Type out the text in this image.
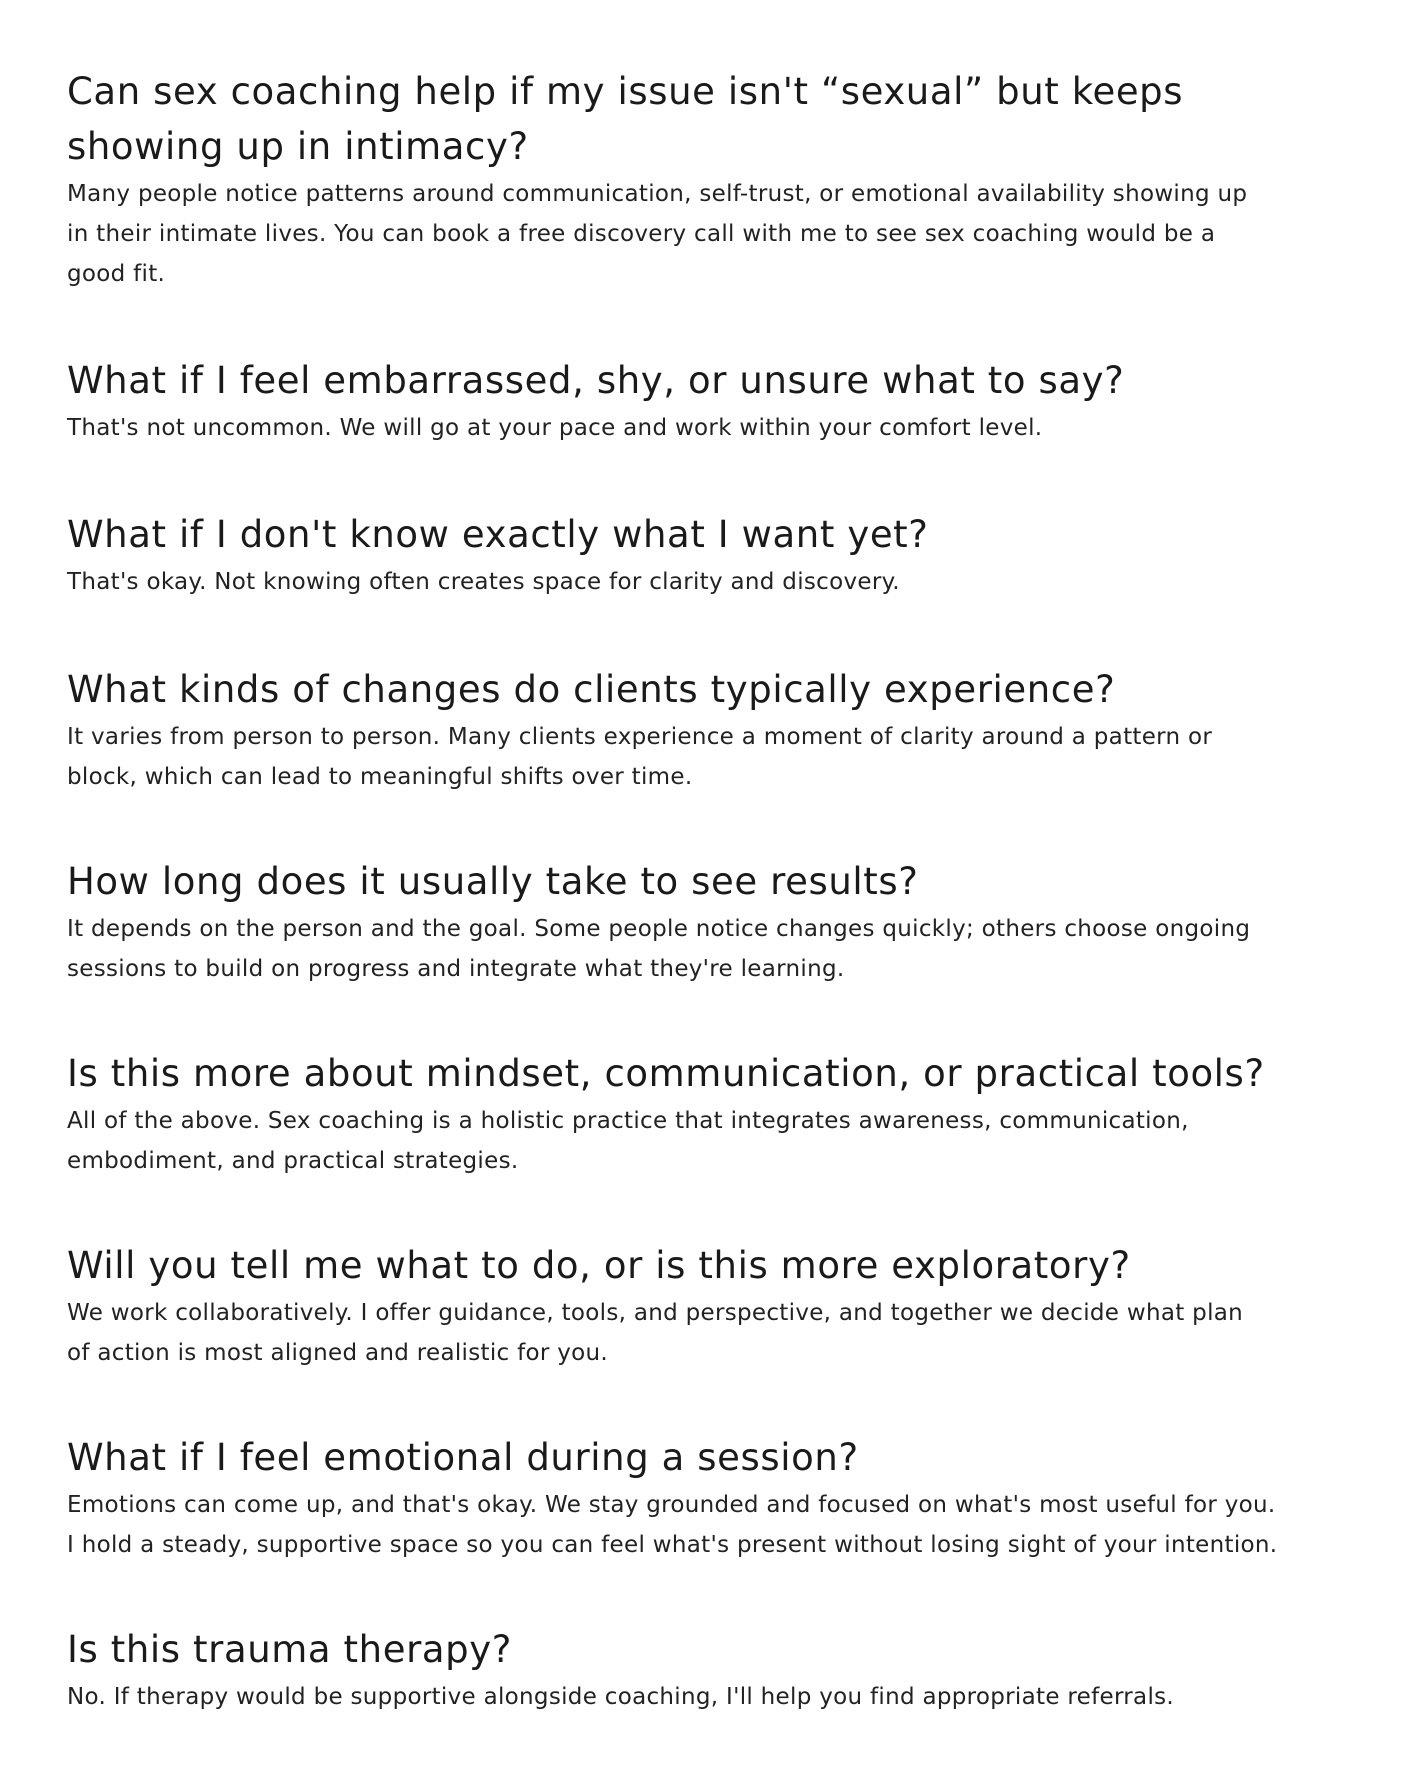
Can sex coaching help if my issue isn't “sexual” but keeps
showing up in intimacy?

Many people notice patterns around communication, self-trust, or emotional availability showing up
in their intimate lives. You can book a free discovery call with me to see sex coaching would be a
good fit.

What if I feel embarrassed, shy, or unsure what to say?

That's not uncommon. We will go at your pace and work within your comfort level.

What if I don't know exactly what I want yet?

That's okay. Not knowing often creates space for clarity and discovery.

What kinds of changes do clients typically experience?

It varies from person to person. Many clients experience a moment of clarity around a pattern or
block, which can lead to meaningful shifts over time.

How long does it usually take to see results?

It depends on the person and the goal. Some people notice changes quickly; others choose ongoing
sessions to build on progress and integrate what they're learning.

Is this more about mindset, communication, or practical tools?

All of the above. Sex coaching is a holistic practice that integrates awareness, communication,
embodiment, and practical strategies.

Will you tell me what to do, or is this more exploratory?

We work collaboratively. I offer guidance, tools, and perspective, and together we decide what plan
of action is most aligned and realistic for you.

What if I feel emotional during a session?

Emotions can come up, and that's okay. We stay grounded and focused on what's most useful for you.
I hold a steady, supportive space so you can feel what's present without losing sight of your intention.

Is this trauma therapy?

No. If therapy would be supportive alongside coaching, I'll help you find appropriate referrals.
